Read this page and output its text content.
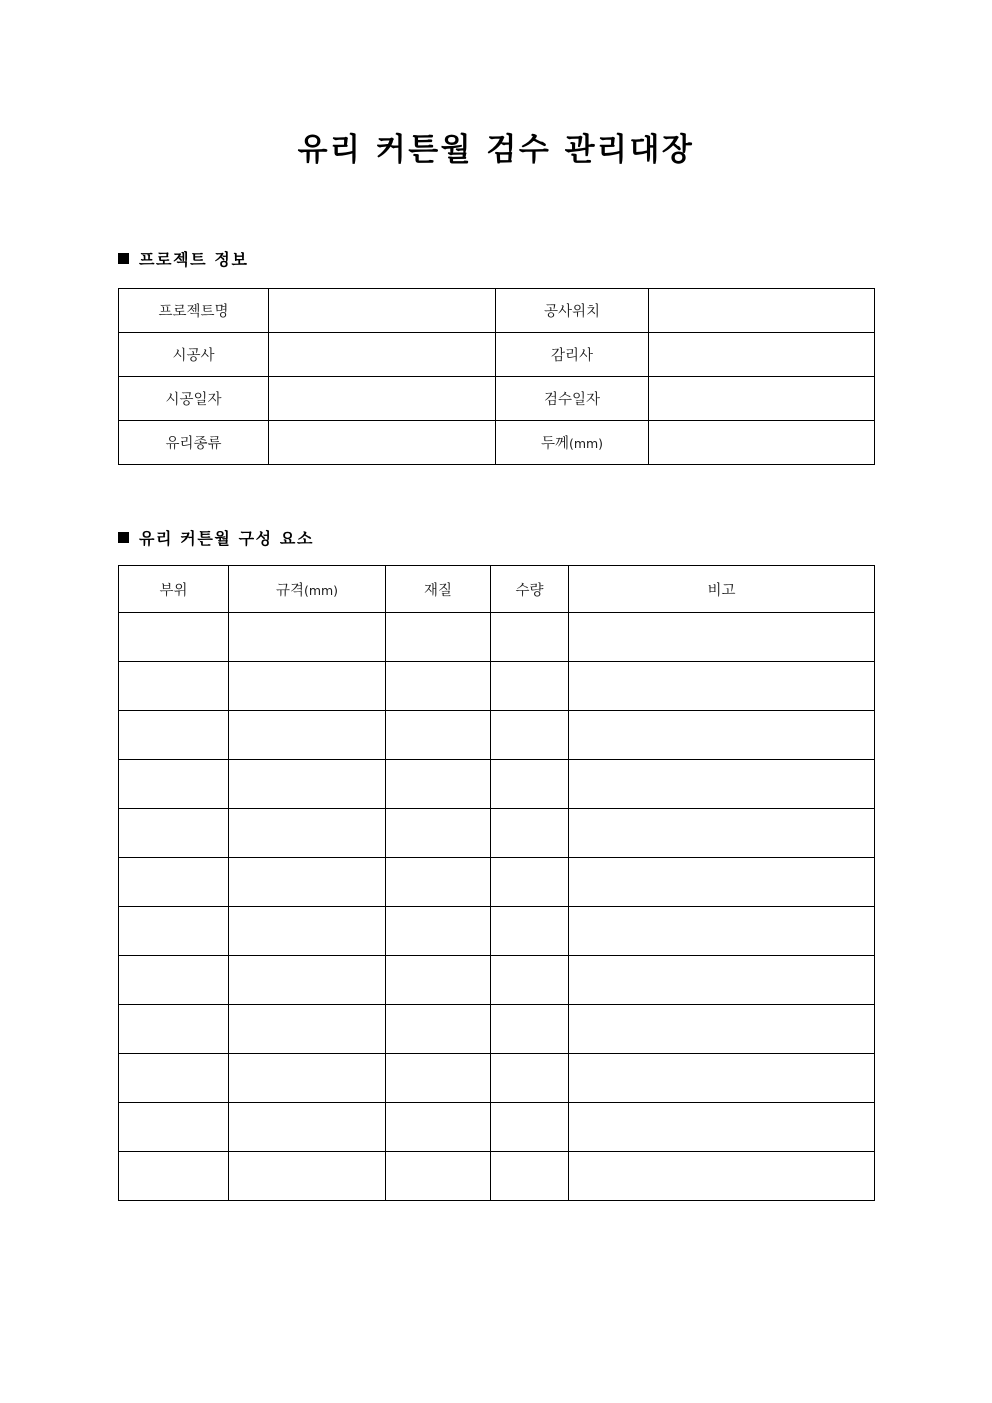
유리 커튼월 검수 관리대장
프로젝트 정보
프로젝트명		공사위치	
시공사		감리사	
시공일자		검수일자	
유리종류		두께(mm)	
유리 커튼월 구성 요소
부위	규격(mm)	재질	수량	비고
